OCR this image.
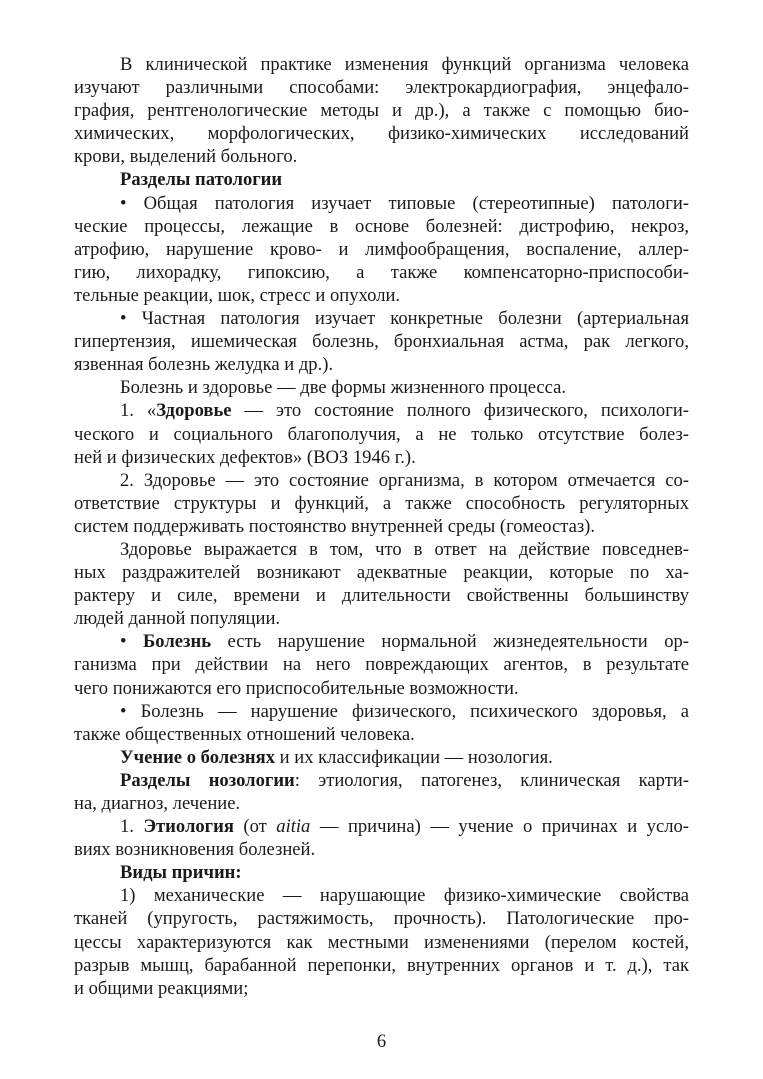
В клинической практике изменения функций организма человека
изучают различными способами: электрокардиография, энцефало-
графия, рентгенологические методы и др.), а также с помощью био-
химических, морфологических, физико-химических исследований
крови, выделений больного.
Разделы патологии
• Общая патология изучает типовые (стереотипные) патологи-
ческие процессы, лежащие в основе болезней: дистрофию, некроз,
атрофию, нарушение крово- и лимфообращения, воспаление, аллер-
гию, лихорадку, гипоксию, а также компенсаторно-приспособи-
тельные реакции, шок, стресс и опухоли.
• Частная патология изучает конкретные болезни (артериальная
гипертензия, ишемическая болезнь, бронхиальная астма, рак легкого,
язвенная болезнь желудка и др.).
Болезнь и здоровье — две формы жизненного процесса.
1. «Здоровье — это состояние полного физического, психологи-
ческого и социального благополучия, а не только отсутствие болез-
ней и физических дефектов» (ВОЗ 1946 г.).
2. Здоровье — это состояние организма, в котором отмечается со-
ответствие структуры и функций, а также способность регуляторных
систем поддерживать постоянство внутренней среды (гомеостаз).
Здоровье выражается в том, что в ответ на действие повседнев-
ных раздражителей возникают адекватные реакции, которые по ха-
рактеру и силе, времени и длительности свойственны большинству
людей данной популяции.
• Болезнь есть нарушение нормальной жизнедеятельности ор-
ганизма при действии на него повреждающих агентов, в результате
чего понижаются его приспособительные возможности.
• Болезнь — нарушение физического, психического здоровья, а
также общественных отношений человека.
Учение о болезнях и их классификации — нозология.
Разделы нозологии: этиология, патогенез, клиническая карти-
на, диагноз, лечение.
1. Этиология (от aitia — причина) — учение о причинах и усло-
виях возникновения болезней.
Виды причин:
1) механические — нарушающие физико-химические свойства
тканей (упругость, растяжимость, прочность). Патологические про-
цессы характеризуются как местными изменениями (перелом костей,
разрыв мышц, барабанной перепонки, внутренних органов и т. д.), так
и общими реакциями;
6
